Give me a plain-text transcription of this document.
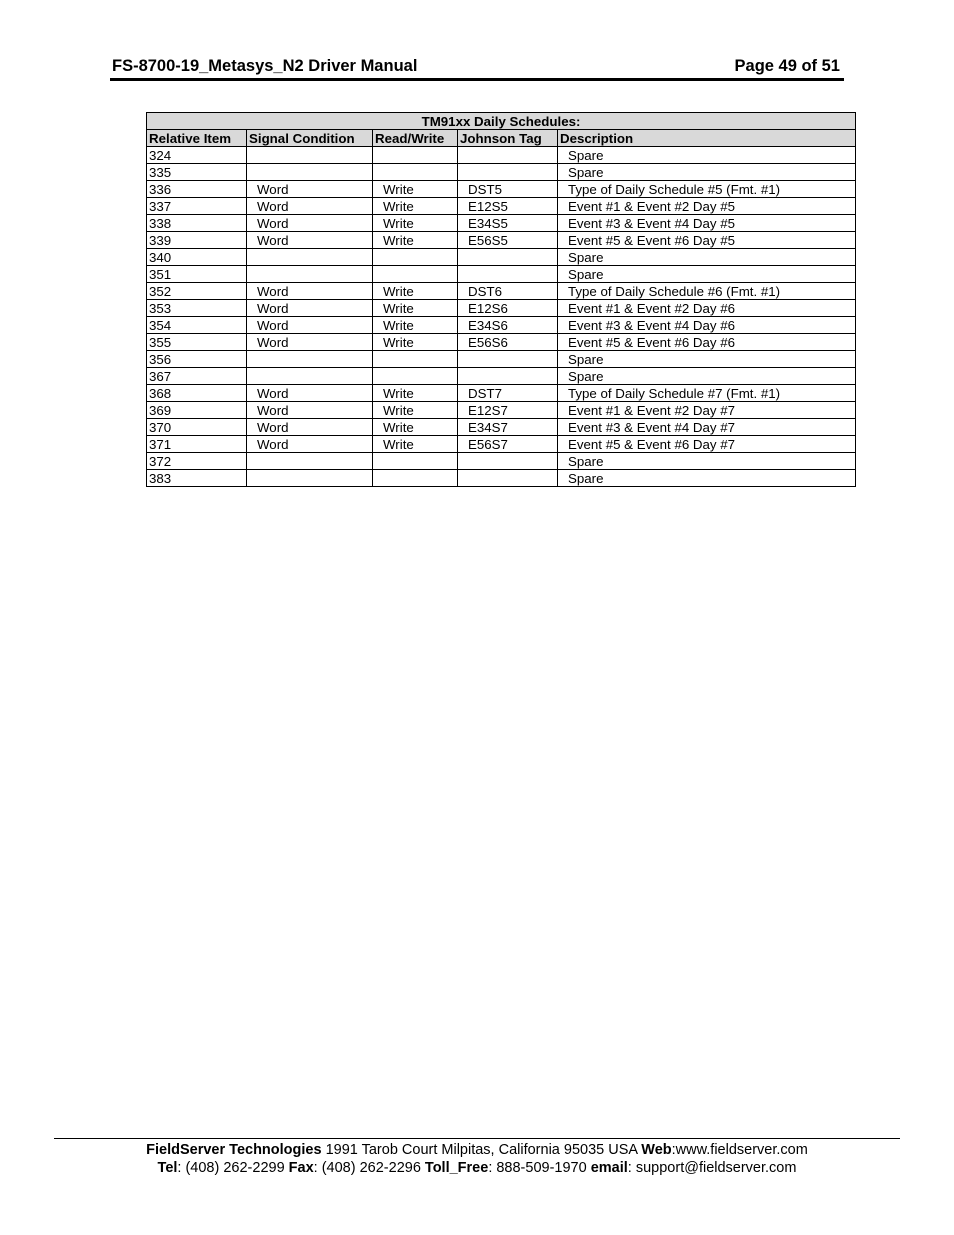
FS-8700-19_Metasys_N2 Driver Manual	Page 49 of 51
TM91xx Daily Schedules:				
Relative Item	Signal Condition	Read/Write	Johnson Tag	Description
324				Spare
335				Spare
336	Word	Write	DST5	Type of Daily Schedule #5 (Fmt. #1)
337	Word	Write	E12S5	Event #1 & Event #2 Day #5
338	Word	Write	E34S5	Event #3 & Event #4 Day #5
339	Word	Write	E56S5	Event #5 & Event #6 Day #5
340				Spare
351				Spare
352	Word	Write	DST6	Type of Daily Schedule #6 (Fmt. #1)
353	Word	Write	E12S6	Event #1 & Event #2 Day #6
354	Word	Write	E34S6	Event #3 & Event #4 Day #6
355	Word	Write	E56S6	Event #5 & Event #6 Day #6
356				Spare
367				Spare
368	Word	Write	DST7	Type of Daily Schedule #7 (Fmt. #1)
369	Word	Write	E12S7	Event #1 & Event #2 Day #7
370	Word	Write	E34S7	Event #3 & Event #4 Day #7
371	Word	Write	E56S7	Event #5 & Event #6 Day #7
372				Spare
383				Spare
FieldServer Technologies 1991 Tarob Court Milpitas, California 95035 USA Web:www.fieldserver.com
Tel: (408) 262-2299 Fax: (408) 262-2296 Toll_Free: 888-509-1970 email: support@fieldserver.com
